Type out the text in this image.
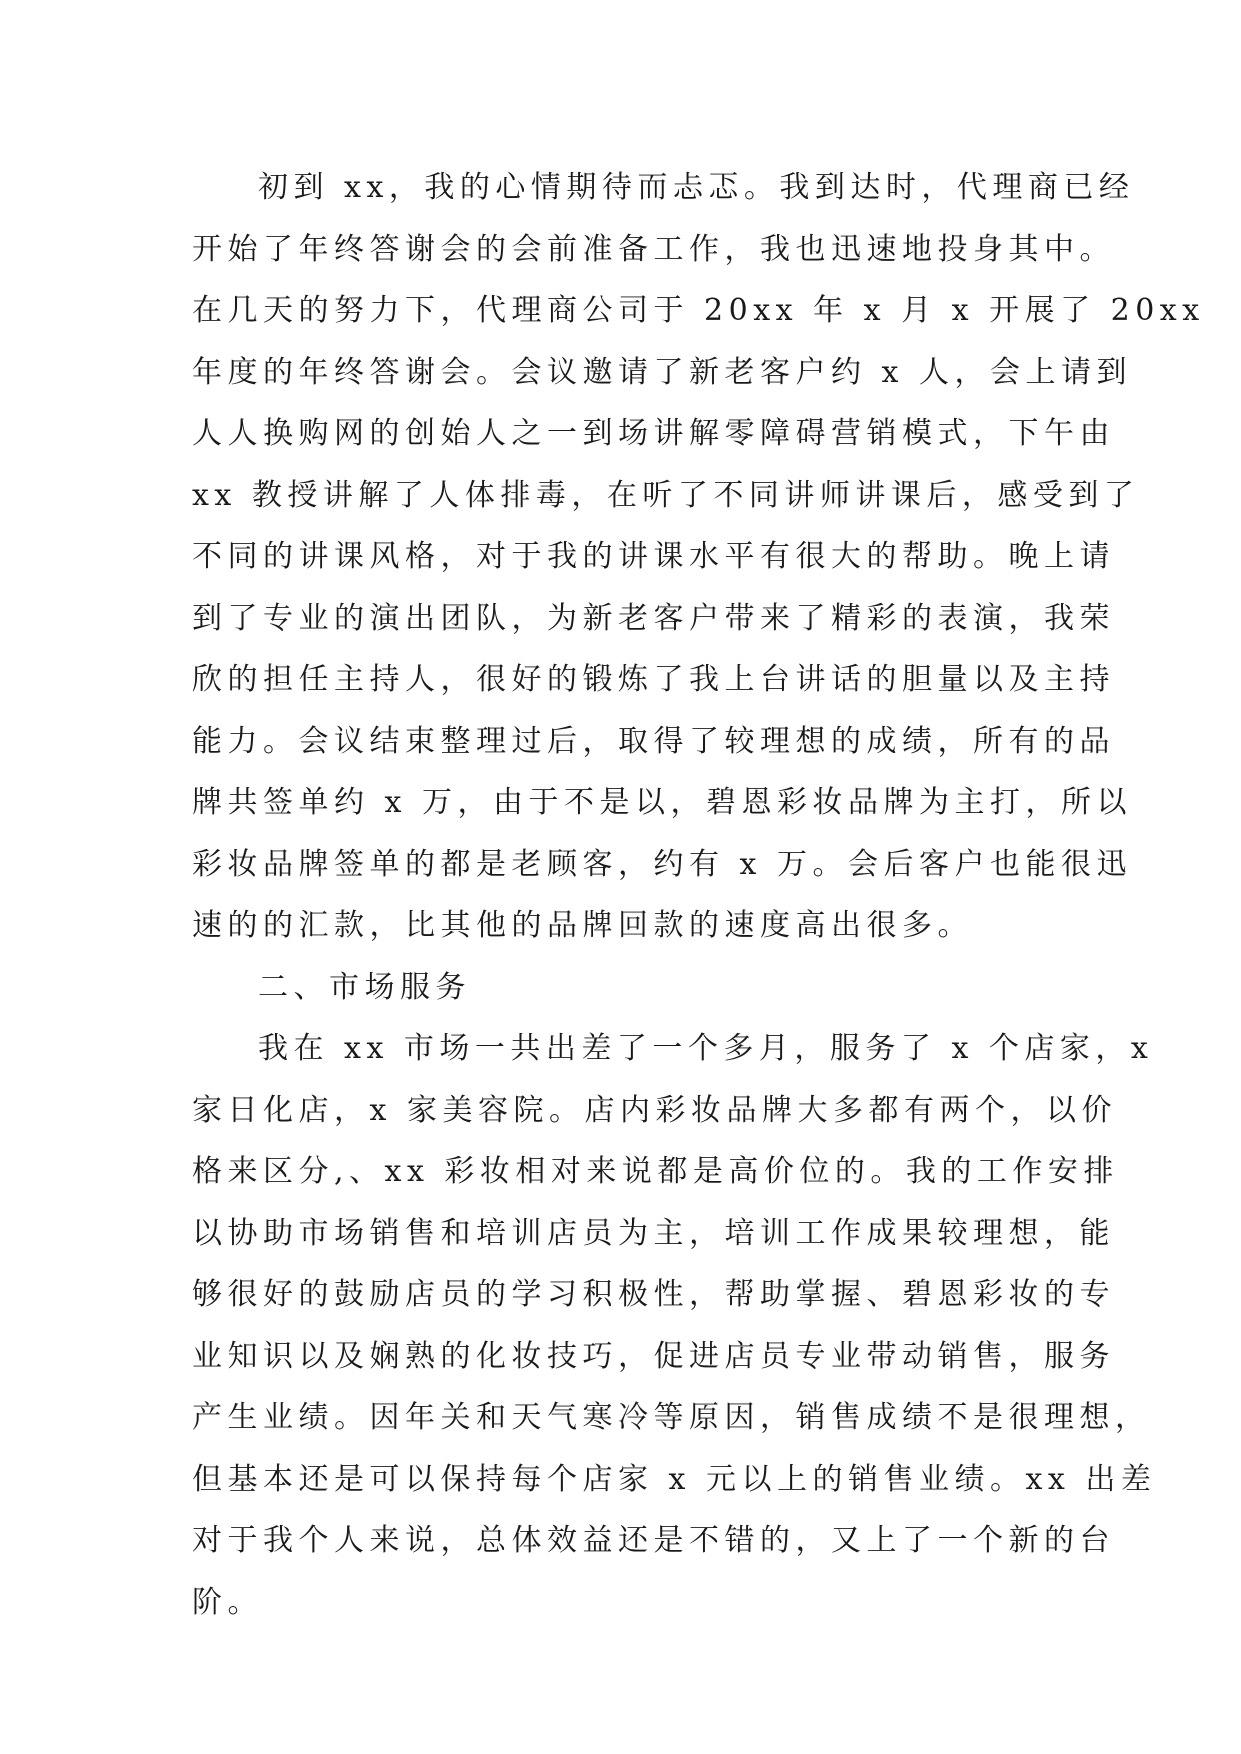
初到 xx，我的心情期待而忐忑。我到达时，代理商已经
开始了年终答谢会的会前准备工作，我也迅速地投身其中。
在几天的努力下，代理商公司于 20xx 年 x 月 x 开展了 20xx
年度的年终答谢会。会议邀请了新老客户约 x 人，会上请到
人人换购网的创始人之一到场讲解零障碍营销模式，下午由
xx 教授讲解了人体排毒，在听了不同讲师讲课后，感受到了
不同的讲课风格，对于我的讲课水平有很大的帮助。晚上请
到了专业的演出团队，为新老客户带来了精彩的表演，我荣
欣的担任主持人，很好的锻炼了我上台讲话的胆量以及主持
能力。会议结束整理过后，取得了较理想的成绩，所有的品
牌共签单约 x 万，由于不是以，碧恩彩妆品牌为主打，所以
彩妆品牌签单的都是老顾客，约有 x 万。会后客户也能很迅
速的的汇款，比其他的品牌回款的速度高出很多。
二、市场服务
我在 xx 市场一共出差了一个多月，服务了 x 个店家，x
家日化店，x 家美容院。店内彩妆品牌大多都有两个，以价
格来区分,、xx 彩妆相对来说都是高价位的。我的工作安排
以协助市场销售和培训店员为主，培训工作成果较理想，能
够很好的鼓励店员的学习积极性，帮助掌握、碧恩彩妆的专
业知识以及娴熟的化妆技巧，促进店员专业带动销售，服务
产生业绩。因年关和天气寒冷等原因，销售成绩不是很理想，
但基本还是可以保持每个店家 x 元以上的销售业绩。xx 出差
对于我个人来说，总体效益还是不错的，又上了一个新的台
阶。
